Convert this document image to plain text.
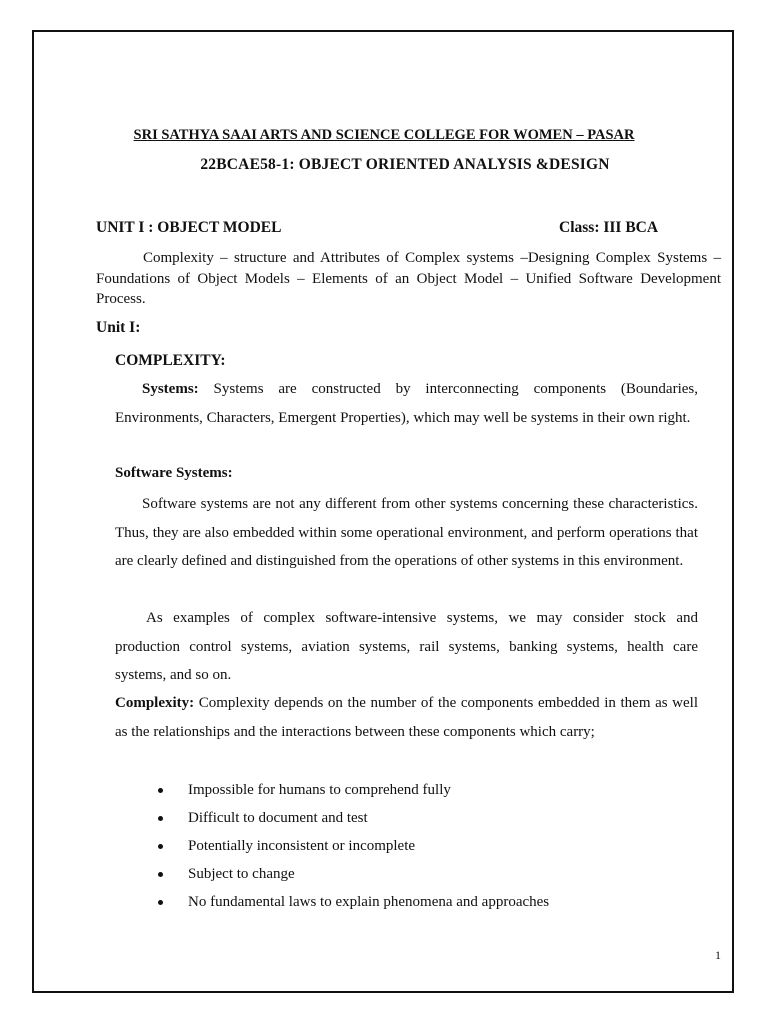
SRI SATHYA SAAI ARTS AND SCIENCE COLLEGE FOR WOMEN – PASAR
22BCAE58-1: OBJECT ORIENTED ANALYSIS &DESIGN
UNIT I : OBJECT MODEL	Class: III BCA
Complexity – structure and Attributes of Complex systems –Designing Complex Systems – Foundations of Object Models – Elements of an Object Model – Unified Software Development Process.
Unit I:
COMPLEXITY:
Systems: Systems are constructed by interconnecting components (Boundaries, Environments, Characters, Emergent Properties), which may well be systems in their own right.
Software Systems:
Software systems are not any different from other systems concerning these characteristics. Thus, they are also embedded within some operational environment, and perform operations that are clearly defined and distinguished from the operations of other systems in this environment.
As examples of complex software-intensive systems, we may consider stock and production control systems, aviation systems, rail systems, banking systems, health care systems, and so on.
Complexity: Complexity depends on the number of the components embedded in them as well as the relationships and the interactions between these components which carry;
Impossible for humans to comprehend fully
Difficult to document and test
Potentially inconsistent or incomplete
Subject to change
No fundamental laws to explain phenomena and approaches
1
